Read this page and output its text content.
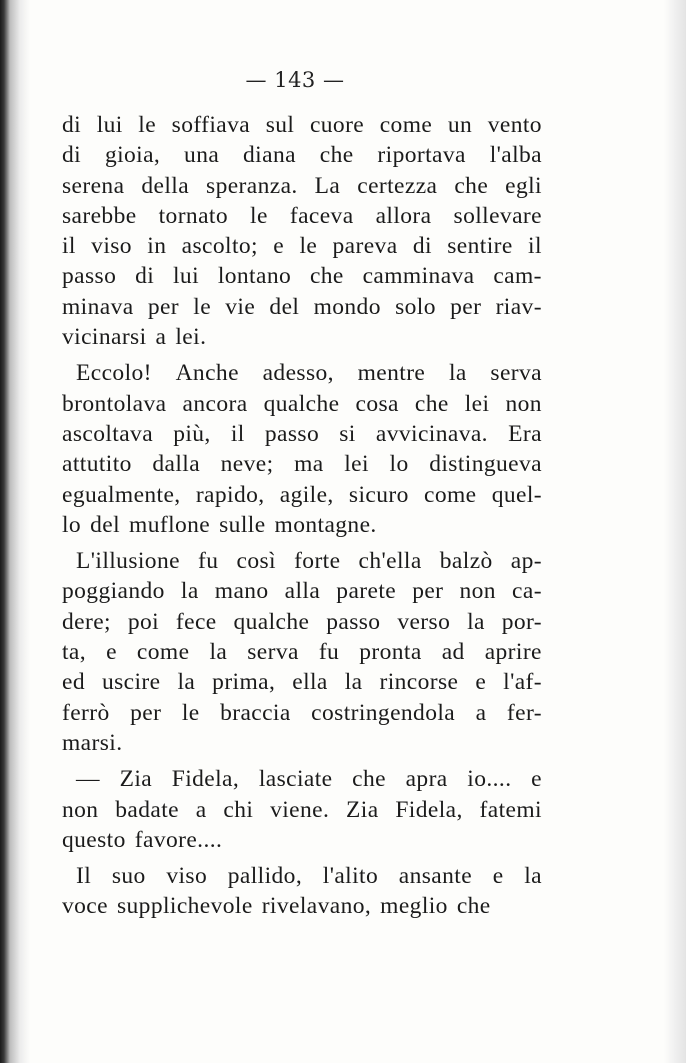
— 143 —
di lui le soffiava sul cuore come un vento
di gioia, una diana che riportava l'alba
serena della speranza. La certezza che egli
sarebbe tornato le faceva allora sollevare
il viso in ascolto; e le pareva di sentire il
passo di lui lontano che camminava cam-
minava per le vie del mondo solo per riav-
vicinarsi a lei.
Eccolo! Anche adesso, mentre la serva
brontolava ancora qualche cosa che lei non
ascoltava più, il passo si avvicinava. Era
attutito dalla neve; ma lei lo distingueva
egualmente, rapido, agile, sicuro come quel-
lo del muflone sulle montagne.
L'illusione fu così forte ch'ella balzò ap-
poggiando la mano alla parete per non ca-
dere; poi fece qualche passo verso la por-
ta, e come la serva fu pronta ad aprire
ed uscire la prima, ella la rincorse e l'af-
ferrò per le braccia costringendola a fer-
marsi.
— Zia Fidela, lasciate che apra io.... e
non badate a chi viene. Zia Fidela, fatemi
questo favore....
Il suo viso pallido, l'alito ansante e la
voce supplichevole rivelavano, meglio che
